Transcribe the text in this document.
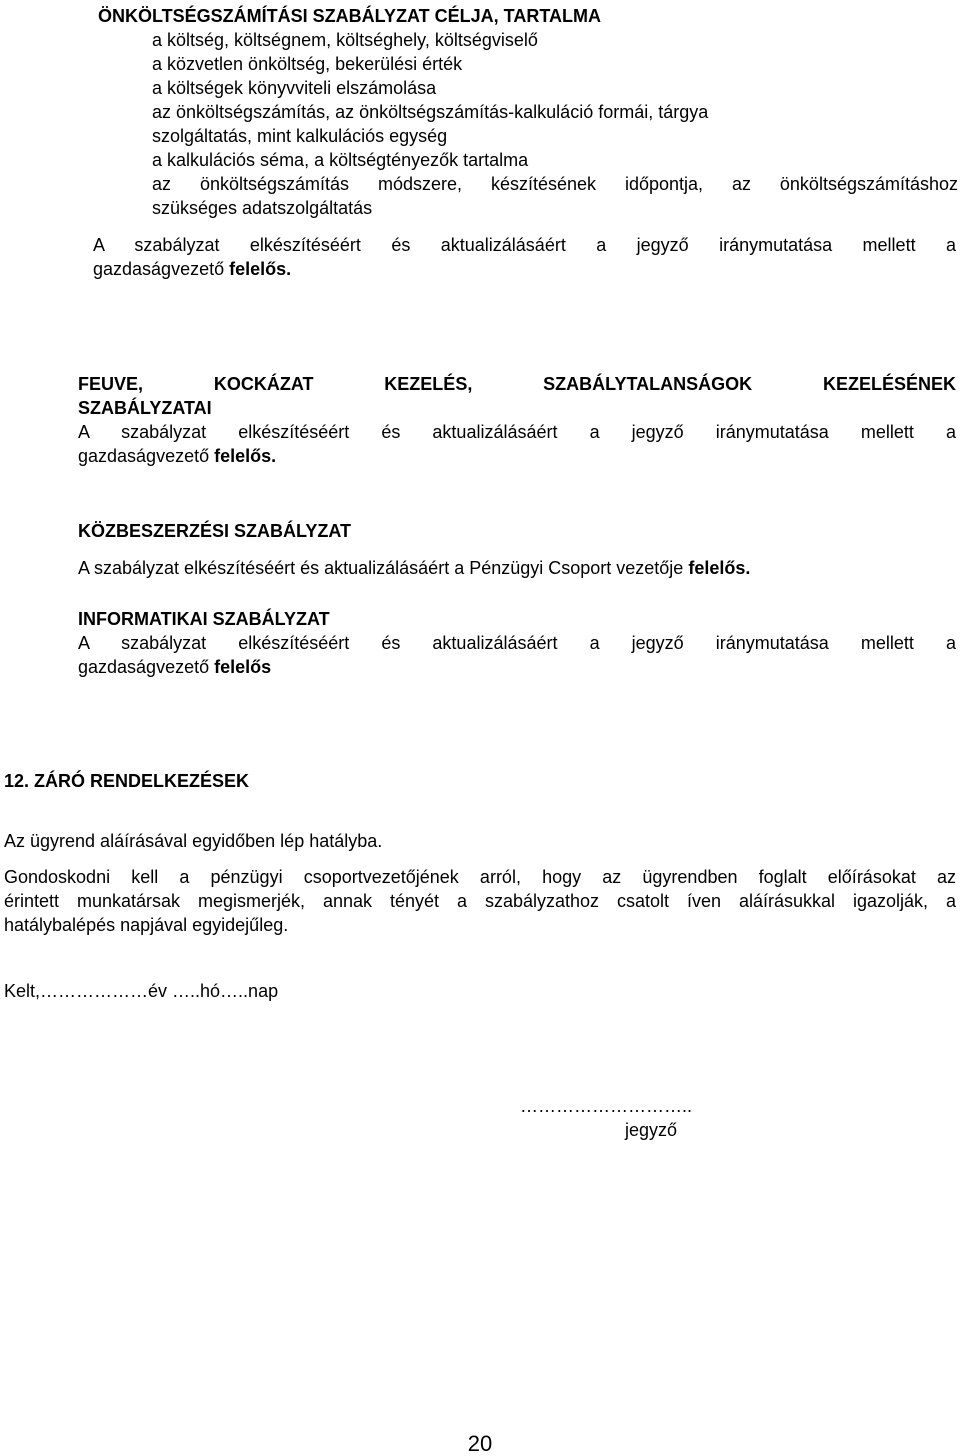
ÖNKÖLTSÉGSZÁMÍTÁSI SZABÁLYZAT CÉLJA, TARTALMA
a költség, költségnem, költséghely, költségviselő
a közvetlen önköltség, bekerülési érték
a költségek könyvviteli elszámolása
az önköltségszámítás, az önköltségszámítás-kalkuláció formái, tárgya
szolgáltatás, mint kalkulációs egység
a kalkulációs séma, a költségtényezők tartalma
az önköltségszámítás módszere, készítésének időpontja, az önköltségszámításhoz
szükséges adatszolgáltatás
A szabályzat elkészítéséért és aktualizálásáért a jegyző iránymutatása mellett a
gazdaságvezető felelős.
FEUVE, KOCKÁZAT KEZELÉS, SZABÁLYTALANSÁGOK KEZELÉSÉNEK
SZABÁLYZATAI
A szabályzat elkészítéséért és aktualizálásáért a jegyző iránymutatása mellett a
gazdaságvezető felelős.
KÖZBESZERZÉSI SZABÁLYZAT
A szabályzat elkészítéséért és aktualizálásáért a Pénzügyi Csoport vezetője felelős.
INFORMATIKAI SZABÁLYZAT
A szabályzat elkészítéséért és aktualizálásáért a jegyző iránymutatása mellett a
gazdaságvezető felelős
12. ZÁRÓ RENDELKEZÉSEK
Az ügyrend aláírásával egyidőben lép hatályba.
Gondoskodni kell a pénzügyi csoportvezetőjének arról, hogy az ügyrendben foglalt előírásokat az
érintett munkatársak megismerjék, annak tényét a szabályzathoz csatolt íven aláírásukkal igazolják, a
hatálybalépés napjával egyidejűleg.
Kelt,………………év …..hó…..nap
………………………..
jegyző
20
